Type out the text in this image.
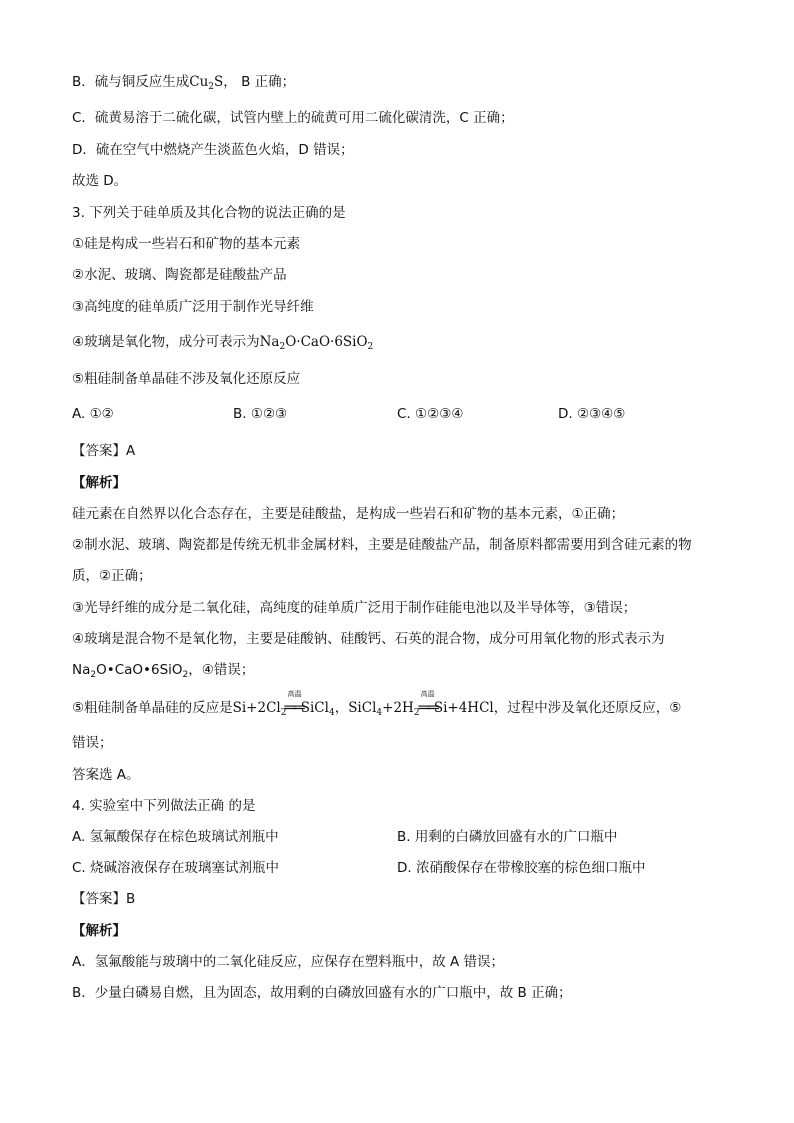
B．硫与铜反应生成$Cu_2S$， B 正确；
C．硫黄易溶于二硫化碳，试管内壁上的硫黄可用二硫化碳清洗，C 正确；
D．硫在空气中燃烧产生淡蓝色火焰，D 错误；
故选 D。
3. 下列关于硅单质及其化合物的说法正确的是
①硅是构成一些岩石和矿物的基本元素
②水泥、玻璃、陶瓷都是硅酸盐产品
③高纯度的硅单质广泛用于制作光导纤维
④玻璃是氧化物，成分可表示为$Na_2O\cdot CaO\cdot 6SiO_2$
⑤粗硅制备单晶硅不涉及氧化还原反应
A. ①②	B. ①②③	C. ①②③④	D. ②③④⑤
【答案】A
【解析】
硅元素在自然界以化合态存在，主要是硅酸盐，是构成一些岩石和矿物的基本元素，①正确；
②制水泥、玻璃、陶瓷都是传统无机非金属材料，主要是硅酸盐产品，制备原料都需要用到含硅元素的物
质，②正确；
③光导纤维的成分是二氧化硅，高纯度的硅单质广泛用于制作硅能电池以及半导体等，③错误；
④玻璃是混合物不是氧化物，主要是硅酸钠、硅酸钙、石英的混合物，成分可用氧化物的形式表示为
$Na_2O•CaO•6SiO_2$，④错误；
⑤粗硅制备单晶硅的反应是$Si+2Cl_2$
高温
══SiCl$_4$，$SiCl_4+2H_2$
高温
══Si+4HCl，过程中涉及氧化还原反应，⑤
错误；
答案选 A。
4. 实验室中下列做法正确 的是
A. 氢氟酸保存在棕色玻璃试剂瓶中	B. 用剩的白磷放回盛有水的广口瓶中
C. 烧碱溶液保存在玻璃塞试剂瓶中	D. 浓硝酸保存在带橡胶塞的棕色细口瓶中
【答案】B
【解析】
A．氢氟酸能与玻璃中的二氧化硅反应，应保存在塑料瓶中，故 A 错误；
B．少量白磷易自燃，且为固态，故用剩的白磷放回盛有水的广口瓶中，故 B 正确；
